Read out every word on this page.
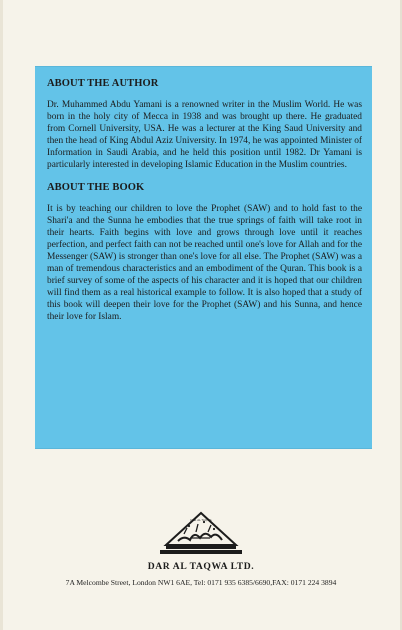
ABOUT THE AUTHOR

Dr. Muhammed Abdu Yamani is a renowned writer in the Muslim World. He was born in the holy city of Mecca in 1938 and was brought up there. He graduated from Cornell University, USA. He was a lecturer at the King Saud University and then the head of King Abdul Aziz University. In 1974, he was appointed Minister of Information in Saudi Arabia, and he held this position until 1982. Dr Yamani is particularly interested in developing Islamic Education in the Muslim countries.

ABOUT THE BOOK

It is by teaching our children to love the Prophet (SAW) and to hold fast to the Shari'a and the Sunna he embodies that the true springs of faith will take root in their hearts. Faith begins with love and grows through love until it reaches perfection, and perfect faith can not be reached until one's love for Allah and for the Messenger (SAW) is stronger than one's love for all else. The Prophet (SAW) was a man of tremendous characteristics and an embodiment of the Quran. This book is a brief survey of some of the aspects of his character and it is hoped that our children will find them as a real historical example to follow. It is also hoped that a study of this book will deepen their love for the Prophet (SAW) and his Sunna, and hence their love for Islam.

DAR AL TAQWA
DAR AL TAQWA LTD.
7A Melcombe Street, London NW1 6AE, Tel: 0171 935 6385/6690,FAX: 0171 224 3894
